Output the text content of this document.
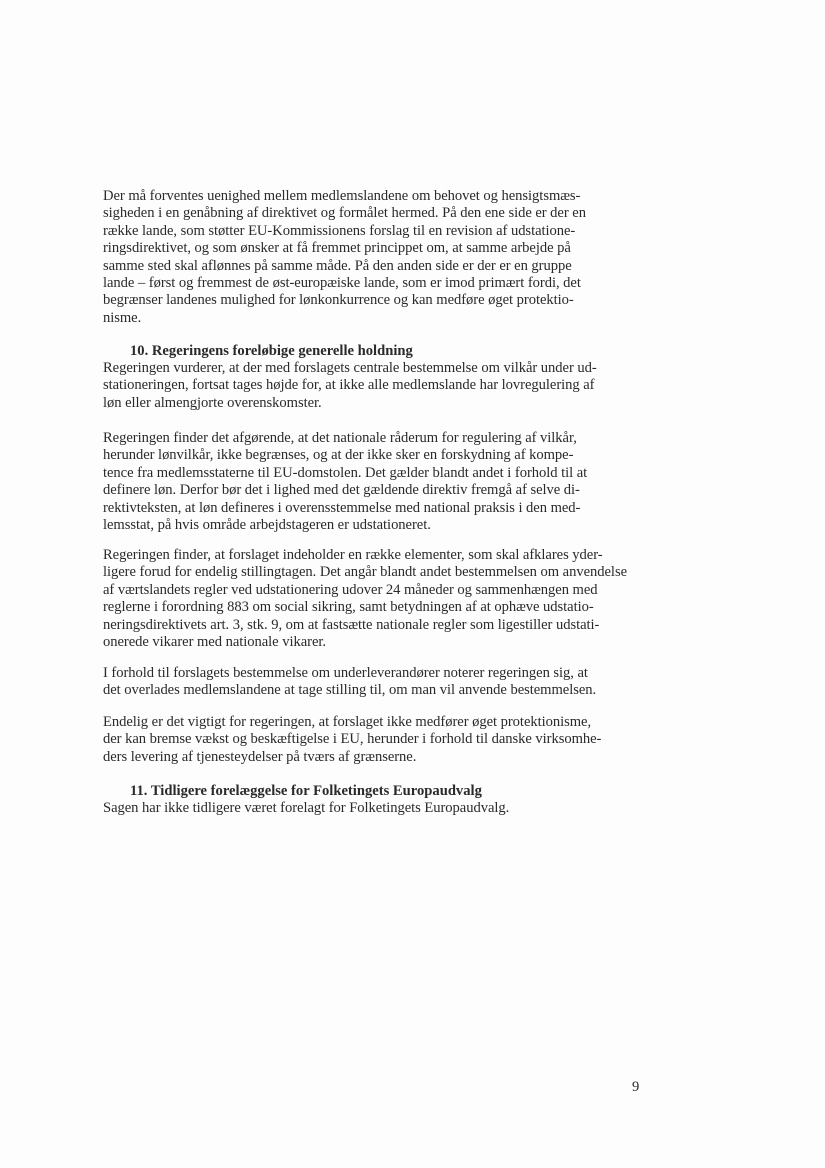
Der må forventes uenighed mellem medlemslandene om behovet og hensigtsmæs-
sigheden i en genåbning af direktivet og formålet hermed. På den ene side er der en
række lande, som støtter EU-Kommissionens forslag til en revision af udstatione-
ringsdirektivet, og som ønsker at få fremmet princippet om, at samme arbejde på
samme sted skal aflønnes på samme måde. På den anden side er der er en gruppe
lande – først og fremmest de øst-europæiske lande, som er imod primært fordi, det
begrænser landenes mulighed for lønkonkurrence og kan medføre øget protektio-
nisme.

10. Regeringens foreløbige generelle holdning

Regeringen vurderer, at der med forslagets centrale bestemmelse om vilkår under ud-
stationeringen, fortsat tages højde for, at ikke alle medlemslande har lovregulering af
løn eller almengjorte overenskomster.

Regeringen finder det afgørende, at det nationale råderum for regulering af vilkår,
herunder lønvilkår, ikke begrænses, og at der ikke sker en forskydning af kompe-
tence fra medlemsstaterne til EU-domstolen. Det gælder blandt andet i forhold til at
definere løn. Derfor bør det i lighed med det gældende direktiv fremgå af selve di-
rektivteksten, at løn defineres i overensstemmelse med national praksis i den med-
lemsstat, på hvis område arbejdstageren er udstationeret.

Regeringen finder, at forslaget indeholder en række elementer, som skal afklares yder-
ligere forud for endelig stillingtagen. Det angår blandt andet bestemmelsen om anvendelse
af værtslandets regler ved udstationering udover 24 måneder og sammenhængen med
reglerne i forordning 883 om social sikring, samt betydningen af at ophæve udstatio-
neringsdirektivets art. 3, stk. 9, om at fastsætte nationale regler som ligestiller udstati-
onerede vikarer med nationale vikarer.

I forhold til forslagets bestemmelse om underleverandører noterer regeringen sig, at
det overlades medlemslandene at tage stilling til, om man vil anvende bestemmelsen.

Endelig er det vigtigt for regeringen, at forslaget ikke medfører øget protektionisme,
der kan bremse vækst og beskæftigelse i EU, herunder i forhold til danske virksomhe-
ders levering af tjenesteydelser på tværs af grænserne.

11. Tidligere forelæggelse for Folketingets Europaudvalg

Sagen har ikke tidligere været forelagt for Folketingets Europaudvalg.

9
